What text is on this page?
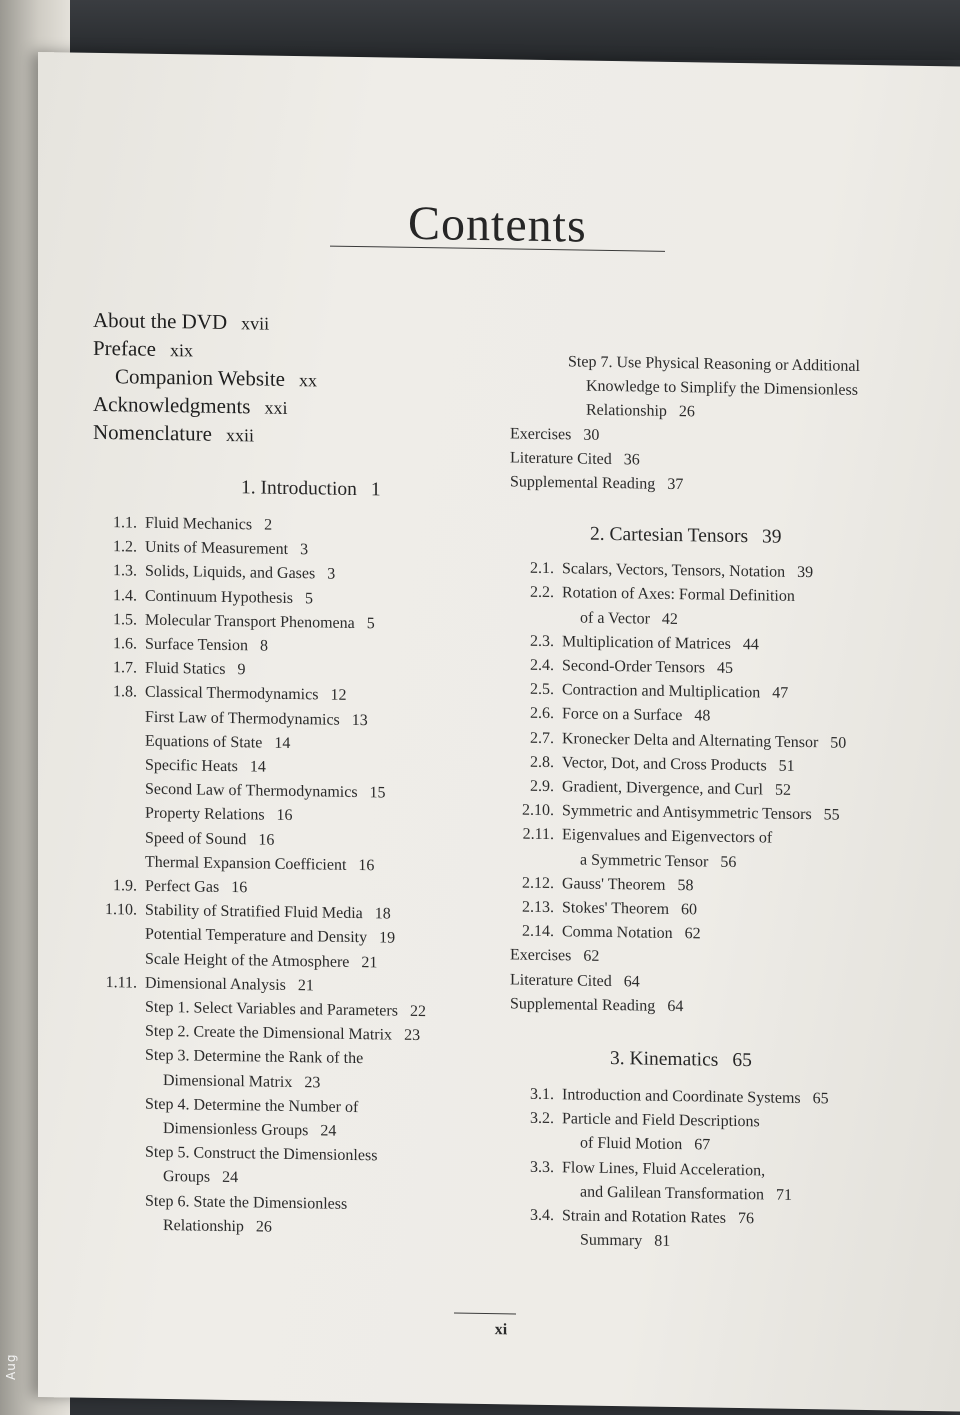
Contents
About the DVD xvii
Preface xix
Companion Website xx
Acknowledgments xxi
Nomenclature xxii
1. Introduction 1
1.1. Fluid Mechanics 2
1.2. Units of Measurement 3
1.3. Solids, Liquids, and Gases 3
1.4. Continuum Hypothesis 5
1.5. Molecular Transport Phenomena 5
1.6. Surface Tension 8
1.7. Fluid Statics 9
1.8. Classical Thermodynamics 12
First Law of Thermodynamics 13
Equations of State 14
Specific Heats 14
Second Law of Thermodynamics 15
Property Relations 16
Speed of Sound 16
Thermal Expansion Coefficient 16
1.9. Perfect Gas 16
1.10. Stability of Stratified Fluid Media 18
Potential Temperature and Density 19
Scale Height of the Atmosphere 21
1.11. Dimensional Analysis 21
Step 1. Select Variables and Parameters 22
Step 2. Create the Dimensional Matrix 23
Step 3. Determine the Rank of the
Dimensional Matrix 23
Step 4. Determine the Number of
Dimensionless Groups 24
Step 5. Construct the Dimensionless
Groups 24
Step 6. State the Dimensionless
Relationship 26
Step 7. Use Physical Reasoning or Additional
Knowledge to Simplify the Dimensionless
Relationship 26
Exercises 30
Literature Cited 36
Supplemental Reading 37
2. Cartesian Tensors 39
2.1. Scalars, Vectors, Tensors, Notation 39
2.2. Rotation of Axes: Formal Definition
of a Vector 42
2.3. Multiplication of Matrices 44
2.4. Second-Order Tensors 45
2.5. Contraction and Multiplication 47
2.6. Force on a Surface 48
2.7. Kronecker Delta and Alternating Tensor 50
2.8. Vector, Dot, and Cross Products 51
2.9. Gradient, Divergence, and Curl 52
2.10. Symmetric and Antisymmetric Tensors 55
2.11. Eigenvalues and Eigenvectors of
a Symmetric Tensor 56
2.12. Gauss' Theorem 58
2.13. Stokes' Theorem 60
2.14. Comma Notation 62
Exercises 62
Literature Cited 64
Supplemental Reading 64
3. Kinematics 65
3.1. Introduction and Coordinate Systems 65
3.2. Particle and Field Descriptions
of Fluid Motion 67
3.3. Flow Lines, Fluid Acceleration,
and Galilean Transformation 71
3.4. Strain and Rotation Rates 76
Summary 81
xi
Aug
